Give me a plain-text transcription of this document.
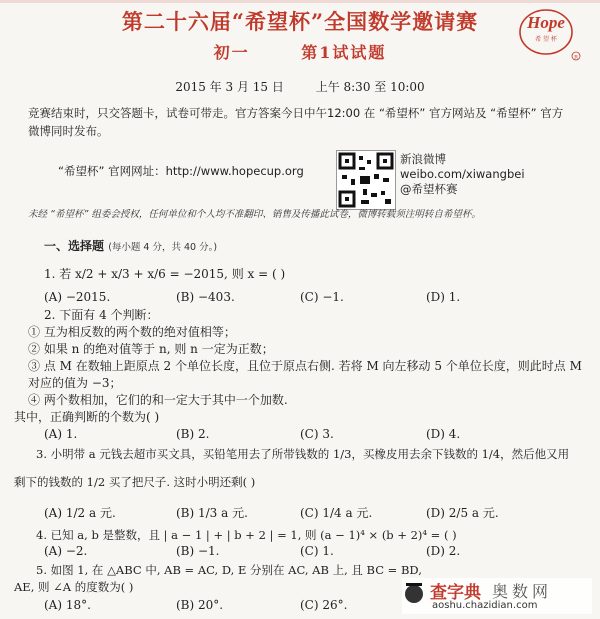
第二十六届“希望杯”全国数学邀请赛
初一	第1试试题
Hope
希 望 杯
R
2015 年 3 月 15 日	上午 8:30 至 10:00
竞赛结束时，只交答题卡，试卷可带走。官方答案今日中午12:00 在 “希望杯” 官方网站及 “希望杯” 官方
微博同时发布。
“希望杯” 官网网址：http://www.hopecup.org
新浪微博
weibo.com/xiwangbei
@希望杯赛
未经 “希望杯” 组委会授权，任何单位和个人均不准翻印、销售及传播此试卷，微博转载须注明转自希望杯。
一、选择题 (每小题 4 分，共 40 分。)
1. 若 x/2 + x/3 + x/6 = −2015, 则 x = ( )
(A) −2015.	(B) −403.	(C) −1.	(D) 1.
2. 下面有 4 个判断：
① 互为相反数的两个数的绝对值相等；
② 如果 n 的绝对值等于 n, 则 n 一定为正数；
③ 点 M 在数轴上距原点 2 个单位长度，且位于原点右侧. 若将 M 向左移动 5 个单位长度，则此时点 M
对应的值为 −3；
④ 两个数相加，它们的和一定大于其中一个加数.
其中，正确判断的个数为( )
(A) 1.	(B) 2.	(C) 3.	(D) 4.
3. 小明带 a 元钱去超市买文具，买铅笔用去了所带钱数的 1/3，买橡皮用去余下钱数的 1/4，然后他又用
剩下的钱数的 1/2 买了把尺子. 这时小明还剩( )
(A) 1/2 a 元.	(B) 1/3 a 元.	(C) 1/4 a 元.	(D) 2/5 a 元.
4. 已知 a, b 是整数，且 | a − 1 | + | b + 2 | = 1, 则 (a − 1)⁴ × (b + 2)⁴ = ( )
(A) −2.	(B) −1.	(C) 1.	(D) 2.
5. 如图 1, 在 △ABC 中, AB = AC, D, E 分别在 AC, AB 上, 且 BC = BD,
AE, 则 ∠A 的度数为( )
(A) 18°.	(B) 20°.	(C) 26°.
查字典 奥数网
aoshu.chazidian.com
